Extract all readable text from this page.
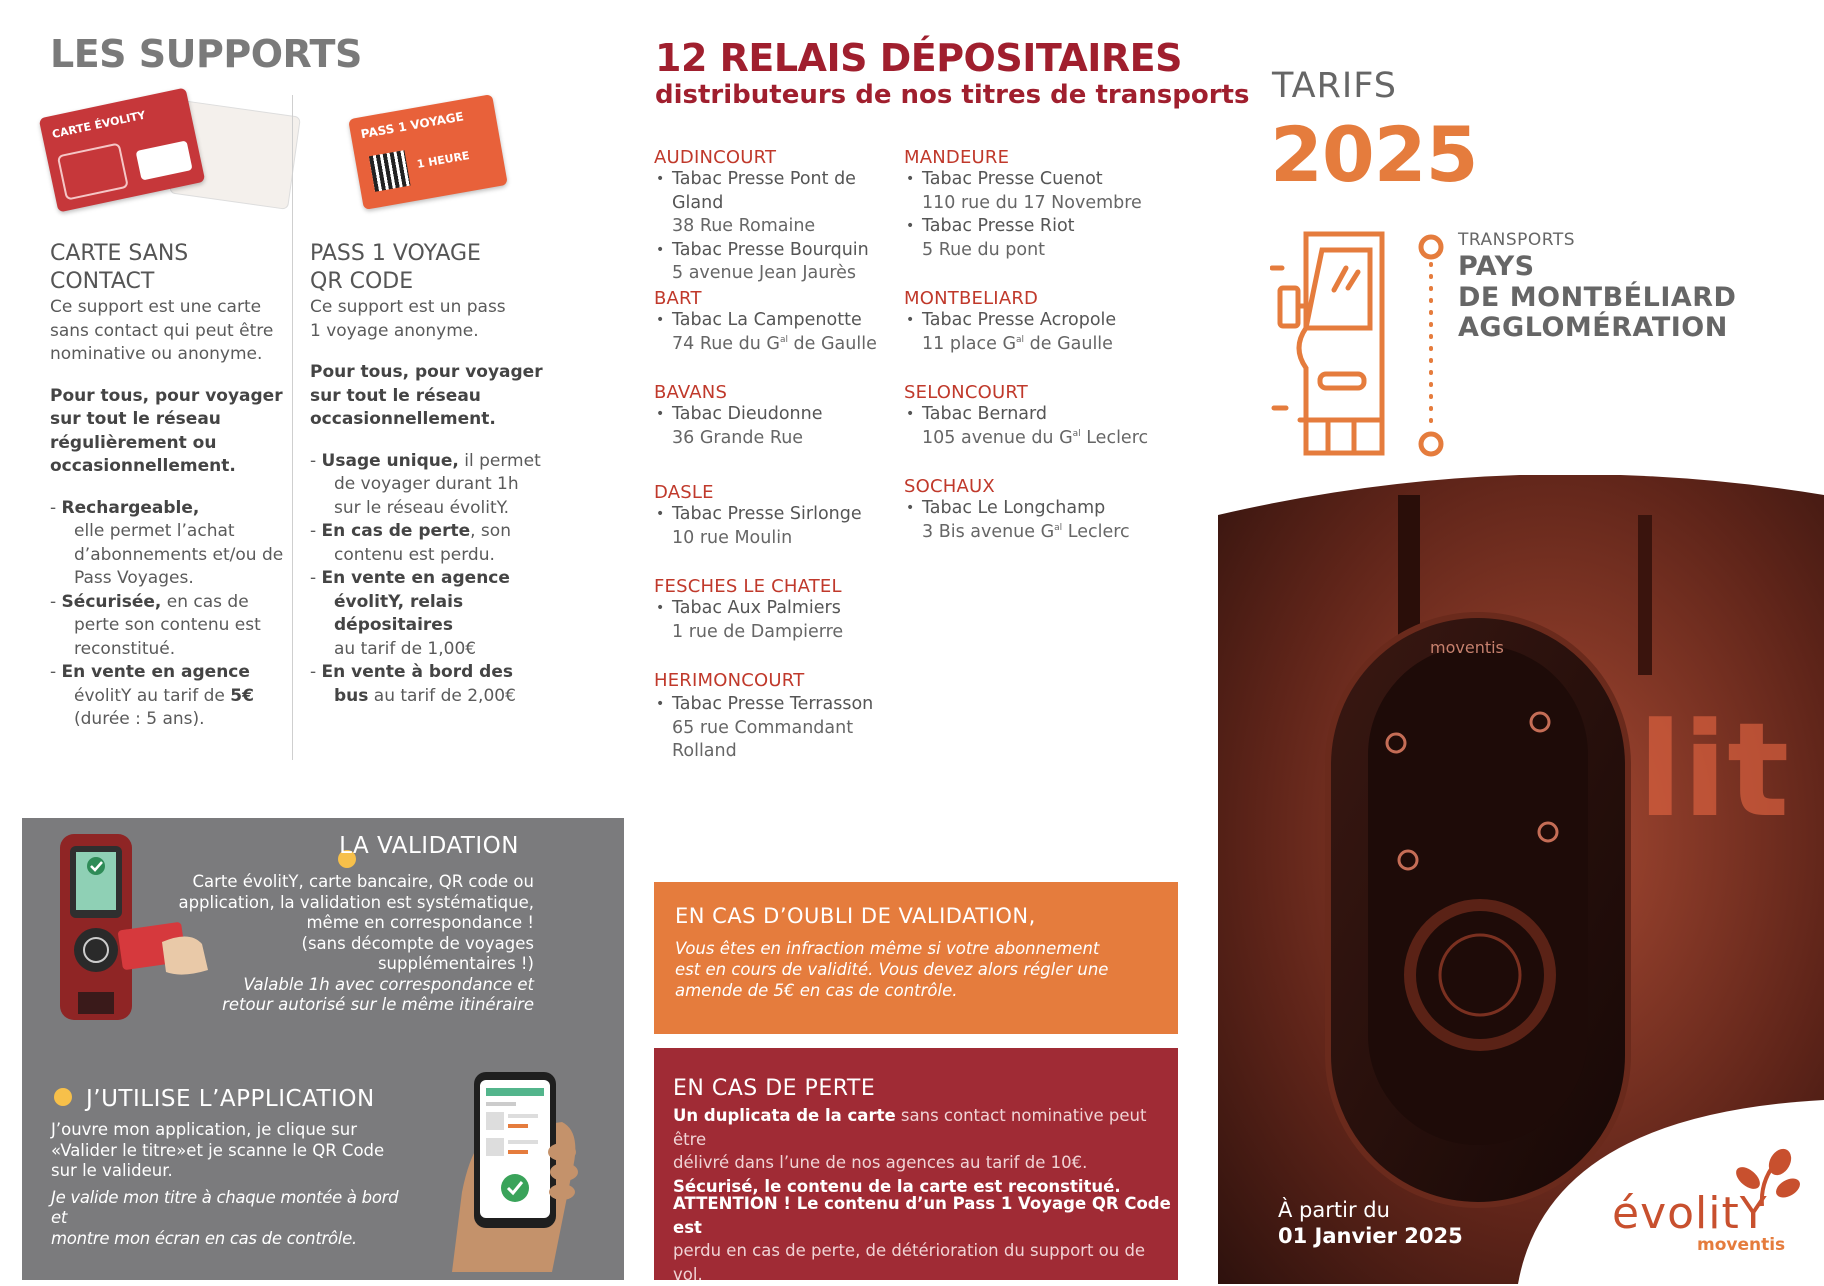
LES SUPPORTS
CARTE ÉVOLITY	PASS 1 VOYAGE
1 HEURE
CARTE SANS
CONTACT

Ce support est une carte
sans contact qui peut être
nominative ou anonyme.

Pour tous, pour voyager
sur tout le réseau
régulièrement ou
occasionnellement.

- Rechargeable,
elle permet l’achat
d’abonnements et/ou de
Pass Voyages.
- Sécurisée, en cas de
perte son contenu est
reconstitué.
- En vente en agence
évolitY au tarif de 5€
(durée : 5 ans).
PASS 1 VOYAGE
QR CODE

Ce support est un pass
1 voyage anonyme.

Pour tous, pour voyager
sur tout le réseau
occasionnellement.

- Usage unique, il permet
de voyager durant 1h
sur le réseau évolitY.
- En cas de perte, son
contenu est perdu.
- En vente en agence
évolitY, relais
dépositaires
au tarif de 1,00€
- En vente à bord des
bus au tarif de 2,00€
12 RELAIS DÉPOSITAIRES
distributeurs de nos titres de transports
AUDINCOURT
• Tabac Presse Pont de Gland
38 Rue Romaine
• Tabac Presse Bourquin
5 avenue Jean Jaurès
BART
• Tabac La Campenotte
74 Rue du $G^{al}$ de Gaulle
BAVANS
• Tabac Dieudonne
36 Grande Rue
DASLE
• Tabac Presse Sirlonge
10 rue Moulin
FESCHES LE CHATEL
• Tabac Aux Palmiers
1 rue de Dampierre
HERIMONCOURT
• Tabac Presse Terrasson
65 rue Commandant
Rolland
MANDEURE
• Tabac Presse Cuenot
110 rue du 17 Novembre
• Tabac Presse Riot
5 Rue du pont
MONTBELIARD
• Tabac Presse Acropole
11 place $G^{al}$ de Gaulle
SELONCOURT
• Tabac Bernard
105 avenue du $G^{al}$ Leclerc
SOCHAUX
• Tabac Le Longchamp
3 Bis avenue $G^{al}$ Leclerc
TARIFS
2025
TRANSPORTS
PAYS
DE MONTBÉLIARD
AGGLOMÉRATION
lit
moventis
À partir du
01 Janvier 2025	évolitY
moventis
LA VALIDATION
Carte évolitY, carte bancaire, QR code ou
application, la validation est systématique,
même en correspondance !
(sans décompte de voyages
supplémentaires !)
Valable 1h avec correspondance et
retour autorisé sur le même itinéraire
J’UTILISE L’APPLICATION
J’ouvre mon application, je clique sur
«Valider le titre»et je scanne le QR Code
sur le valideur.
Je valide mon titre à chaque montée à bord et
montre mon écran en cas de contrôle.
EN CAS D’OUBLI DE VALIDATION,
Vous êtes en infraction même si votre abonnement
est en cours de validité. Vous devez alors régler une
amende de 5€ en cas de contrôle.
EN CAS DE PERTE
Un duplicata de la carte sans contact nominative peut être
délivré dans l’une de nos agences au tarif de 10€.
Sécurisé, le contenu de la carte est reconstitué.
ATTENTION ! Le contenu d’un Pass 1 Voyage QR Code est
perdu en cas de perte, de détérioration du support ou de vol.
